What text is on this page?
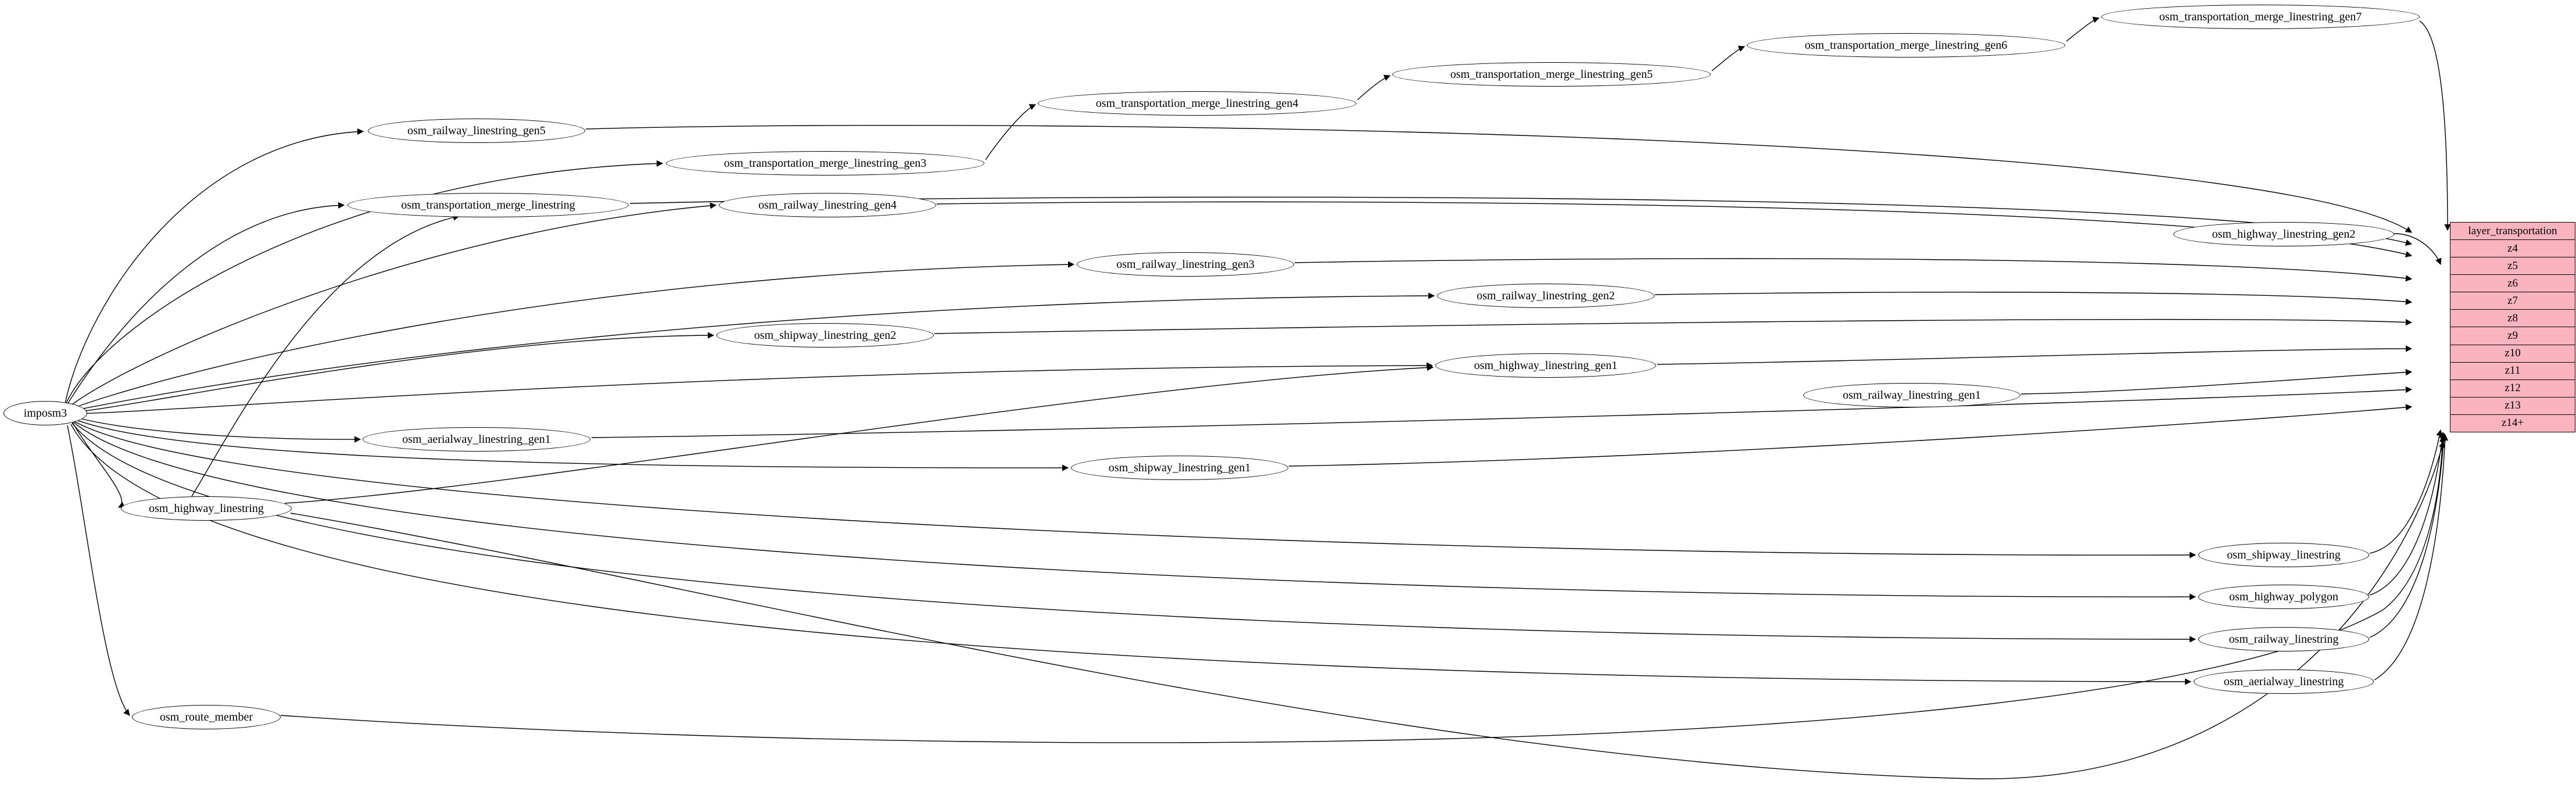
imposm3
osm_railway_linestring_gen5
osm_transportation_merge_linestring_gen7
osm_transportation_merge_linestring_gen6
osm_transportation_merge_linestring_gen5
osm_transportation_merge_linestring_gen4
osm_transportation_merge_linestring_gen3
osm_railway_linestring_gen4
osm_transportation_merge_linestring
osm_highway_linestring_gen2
osm_railway_linestring_gen3
osm_railway_linestring_gen2
osm_shipway_linestring_gen2
osm_highway_linestring_gen1
osm_railway_linestring_gen1
osm_aerialway_linestring_gen1
osm_shipway_linestring_gen1
osm_highway_linestring
osm_shipway_linestring
osm_highway_polygon
osm_railway_linestring
osm_aerialway_linestring
osm_route_member
layer_transportation
z4
z5
z6
z7
z8
z9
z10
z11
z12
z13
z14+
